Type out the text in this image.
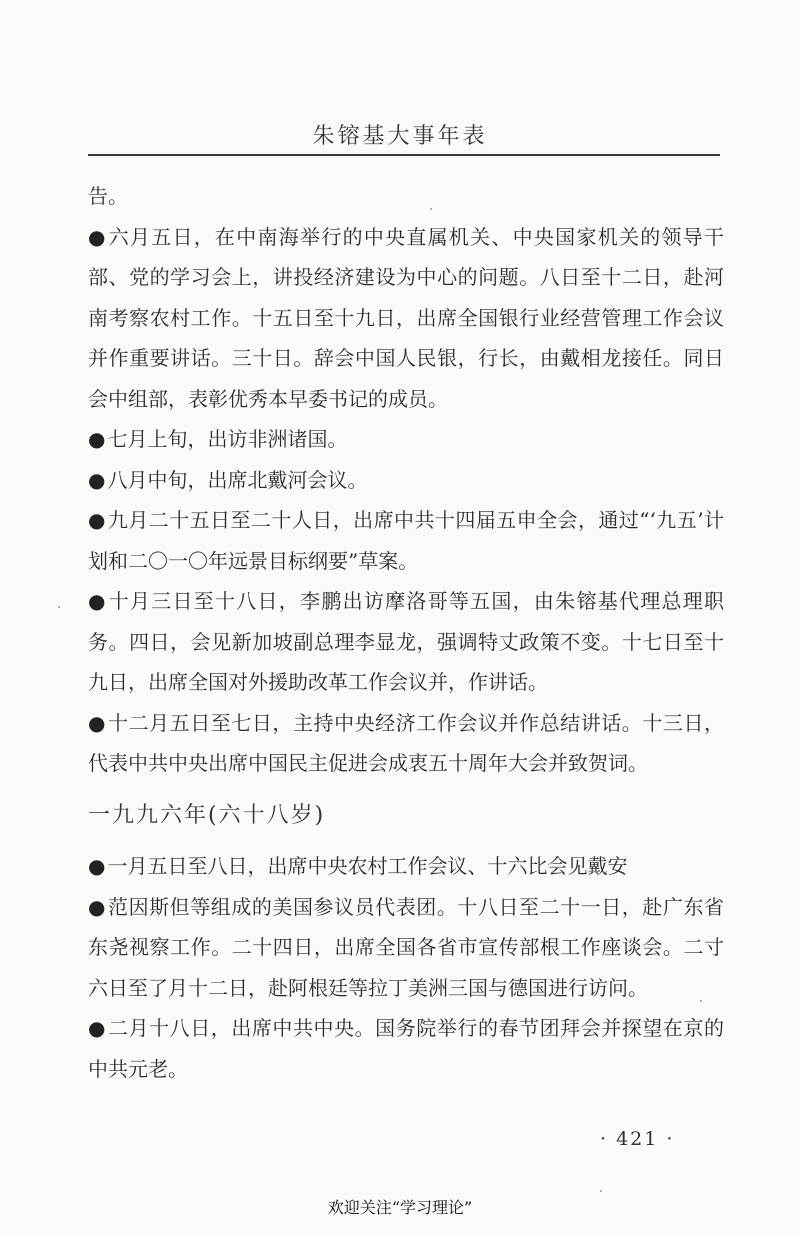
朱镕基大事年表

告。

● 六月五日，在中南海举行的中央直属机关、中央国家机关的领导干部、党的学习会上，讲投经济建设为中心的问题。八日至十二日，赴河南考察农村工作。十五日至十九日，出席全国银行业经营管理工作会议并作重要讲话。三十日。辞会中国人民银，行长，由戴相龙接任。同日会中组部，表彰优秀本早委书记的成员。

● 七月上旬，出访非洲诸国。

● 八月中旬，出席北戴河会议。

● 九月二十五日至二十人日，出席中共十四届五申全会，通过“‘九五’计划和二〇一〇年远景目标纲要”草案。

● 十月三日至十八日，李鹏出访摩洛哥等五国，由朱镕基代理总理职务。四日，会见新加坡副总理李显龙，强调特丈政策不变。十七日至十九日，出席全国对外援助改革工作会议并，作讲话。

● 十二月五日至七日，主持中央经济工作会议并作总结讲话。十三日，代表中共中央出席中国民主促进会成衷五十周年大会并致贺词。

一九九六年(六十八岁)

● 一月五日至八日，出席中央农村工作会议、十六比会见戴安

● 范因斯但等组成的美国参议员代表团。十八日至二十一日，赴广东省东尧视察工作。二十四日，出席全国各省市宣传部根工作座谈会。二寸六日至了月十二日，赴阿根廷等拉丁美洲三国与德国进行访问。

● 二月十八日，出席中共中央。国务院举行的春节团拜会并探望在京的中共元老。

· 421 ·
欢迎关注“学习理论”
